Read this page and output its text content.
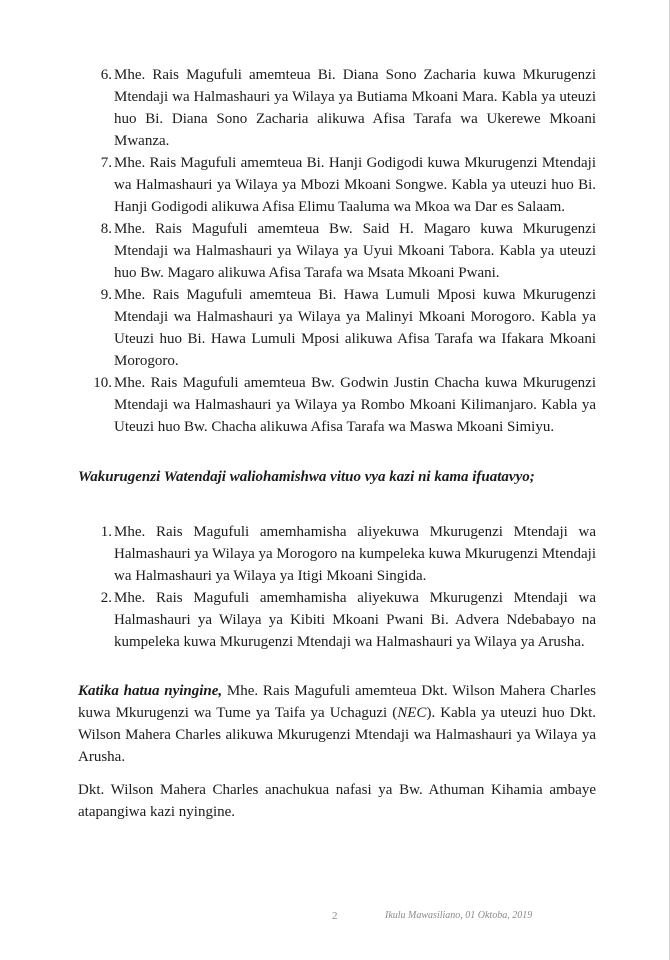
6. Mhe. Rais Magufuli amemteua Bi. Diana Sono Zacharia kuwa Mkurugenzi Mtendaji wa Halmashauri ya Wilaya ya Butiama Mkoani Mara. Kabla ya uteuzi huo Bi. Diana Sono Zacharia alikuwa Afisa Tarafa wa Ukerewe Mkoani Mwanza.
7. Mhe. Rais Magufuli amemteua Bi. Hanji Godigodi kuwa Mkurugenzi Mtendaji wa Halmashauri ya Wilaya ya Mbozi Mkoani Songwe. Kabla ya uteuzi huo Bi. Hanji Godigodi alikuwa Afisa Elimu Taaluma wa Mkoa wa Dar es Salaam.
8. Mhe. Rais Magufuli amemteua Bw. Said H. Magaro kuwa Mkurugenzi Mtendaji wa Halmashauri ya Wilaya ya Uyui Mkoani Tabora. Kabla ya uteuzi huo Bw. Magaro alikuwa Afisa Tarafa wa Msata Mkoani Pwani.
9. Mhe. Rais Magufuli amemteua Bi. Hawa Lumuli Mposi kuwa Mkurugenzi Mtendaji wa Halmashauri ya Wilaya ya Malinyi Mkoani Morogoro. Kabla ya Uteuzi huo Bi. Hawa Lumuli Mposi alikuwa Afisa Tarafa wa Ifakara Mkoani Morogoro.
10. Mhe. Rais Magufuli amemteua Bw. Godwin Justin Chacha kuwa Mkurugenzi Mtendaji wa Halmashauri ya Wilaya ya Rombo Mkoani Kilimanjaro. Kabla ya Uteuzi huo Bw. Chacha alikuwa Afisa Tarafa wa Maswa Mkoani Simiyu.
Wakurugenzi Watendaji waliohamishwa vituo vya kazi ni kama ifuatavyo;
1. Mhe. Rais Magufuli amemhamisha aliyekuwa Mkurugenzi Mtendaji wa Halmashauri ya Wilaya ya Morogoro na kumpeleka kuwa Mkurugenzi Mtendaji wa Halmashauri ya Wilaya ya Itigi Mkoani Singida.
2. Mhe. Rais Magufuli amemhamisha aliyekuwa Mkurugenzi Mtendaji wa Halmashauri ya Wilaya ya Kibiti Mkoani Pwani Bi. Advera Ndebabayo na kumpeleka kuwa Mkurugenzi Mtendaji wa Halmashauri ya Wilaya ya Arusha.
Katika hatua nyingine, Mhe. Rais Magufuli amemteua Dkt. Wilson Mahera Charles kuwa Mkurugenzi wa Tume ya Taifa ya Uchaguzi (NEC). Kabla ya uteuzi huo Dkt. Wilson Mahera Charles alikuwa Mkurugenzi Mtendaji wa Halmashauri ya Wilaya ya Arusha.
Dkt. Wilson Mahera Charles anachukua nafasi ya Bw. Athuman Kihamia ambaye atapangiwa kazi nyingine.
2	Ikulu Mawasiliano, 01 Oktoba, 2019
